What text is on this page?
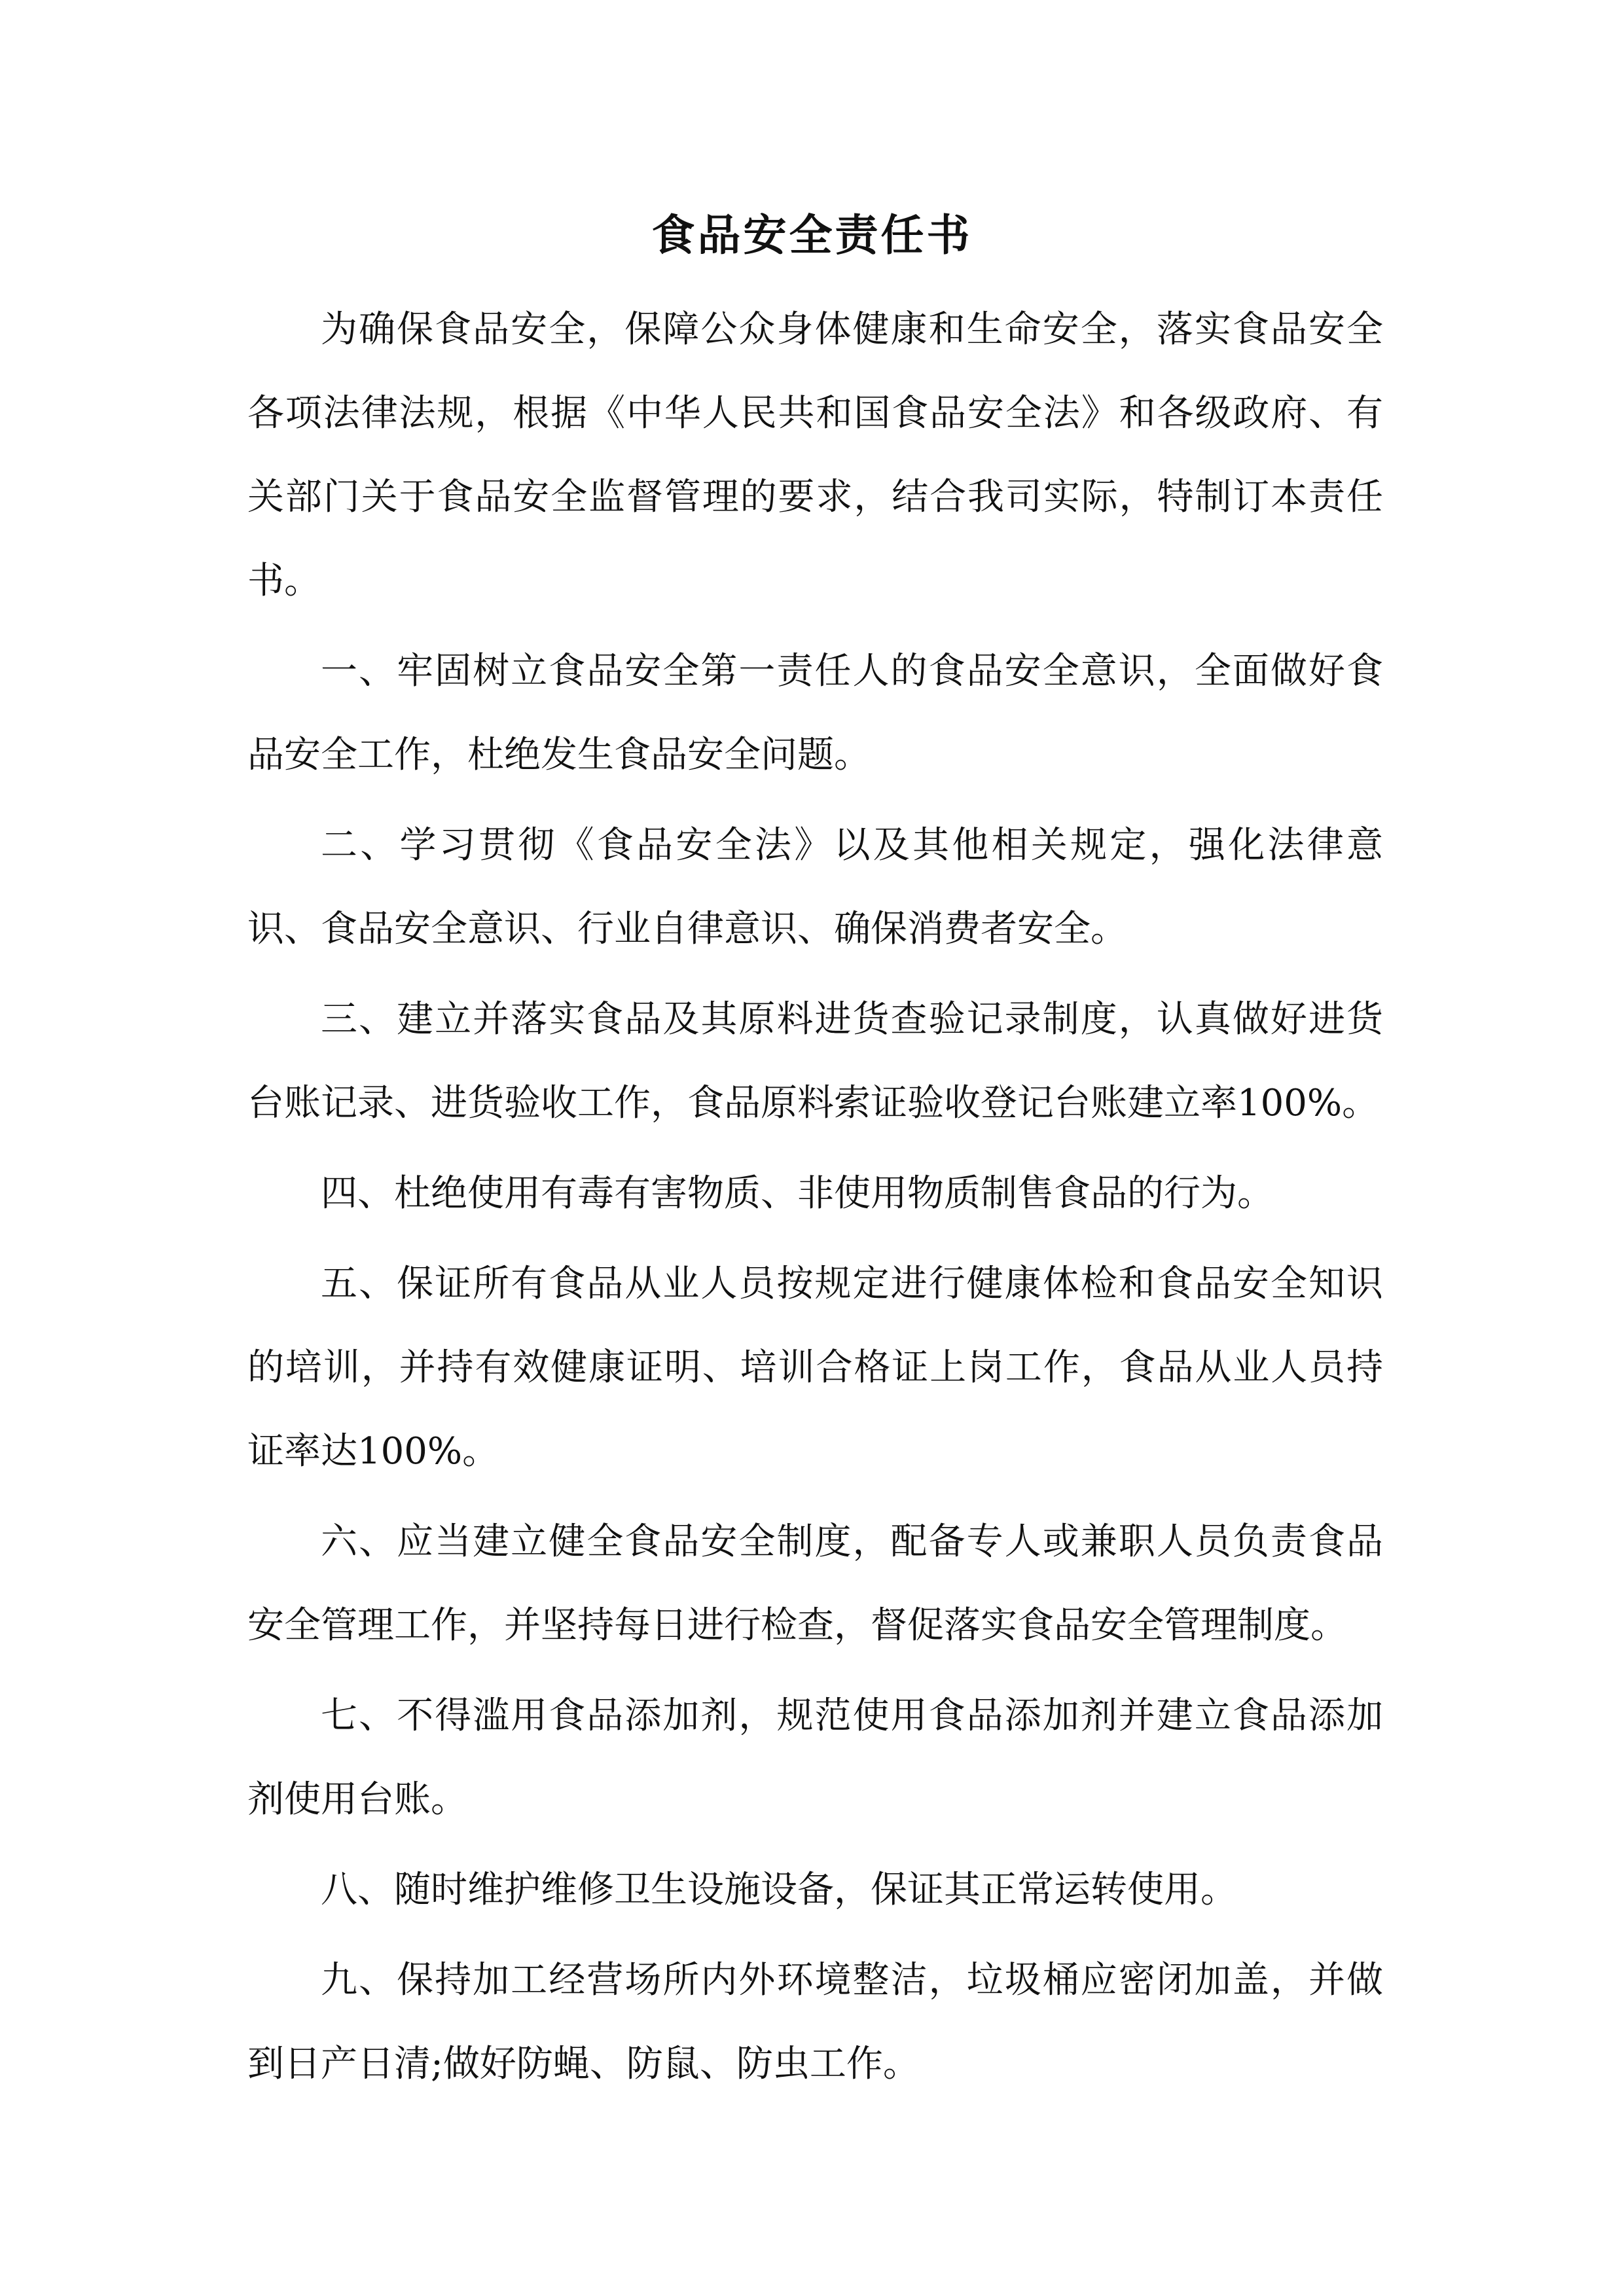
食品安全责任书

为确保食品安全，保障公众身体健康和生命安全，落实食品安全各项法律法规，根据《中华人民共和国食品安全法》和各级政府、有关部门关于食品安全监督管理的要求，结合我司实际，特制订本责任书。

一、牢固树立食品安全第一责任人的食品安全意识，全面做好食品安全工作，杜绝发生食品安全问题。

二、学习贯彻《食品安全法》以及其他相关规定，强化法律意识、食品安全意识、行业自律意识、确保消费者安全。

三、建立并落实食品及其原料进货查验记录制度，认真做好进货台账记录、进货验收工作，食品原料索证验收登记台账建立率100%。

四、杜绝使用有毒有害物质、非使用物质制售食品的行为。

五、保证所有食品从业人员按规定进行健康体检和食品安全知识的培训，并持有效健康证明、培训合格证上岗工作，食品从业人员持证率达100%。

六、应当建立健全食品安全制度，配备专人或兼职人员负责食品安全管理工作，并坚持每日进行检查，督促落实食品安全管理制度。

七、不得滥用食品添加剂，规范使用食品添加剂并建立食品添加剂使用台账。

八、随时维护维修卫生设施设备，保证其正常运转使用。

九、保持加工经营场所内外环境整洁，垃圾桶应密闭加盖，并做到日产日清;做好防蝇、防鼠、防虫工作。
